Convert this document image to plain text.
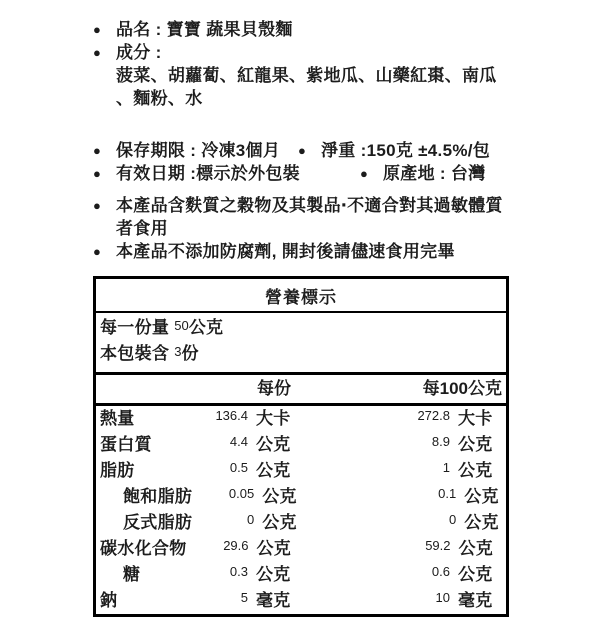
● 品名 : 寶寶 蔬果貝殼麵
● 成分 :
菠菜、胡蘿蔔、紅龍果、紫地瓜、山藥紅棗、南瓜
、麵粉、水
● 保存期限 : 冷凍3個月 ● 淨重 :150克 ±4.5%/包
● 有效日期 :標示於外包裝	● 原產地 : 台灣
● 本產品含麩質之穀物及其製品‧不適合對其過敏體質
者食用
● 本產品不添加防腐劑, 開封後請儘速食用完畢
營養標示
每一份量 50公克
本包裝含 3份
每份	每100公克
熱量	136.4 大卡	272.8 大卡
蛋白質	4.4 公克	8.9 公克
脂肪	0.5 公克	1 公克
飽和脂肪	0.05 公克	0.1 公克
反式脂肪	0 公克	0 公克
碳水化合物	29.6 公克	59.2 公克
糖	0.3 公克	0.6 公克
鈉	5 毫克	10 毫克
